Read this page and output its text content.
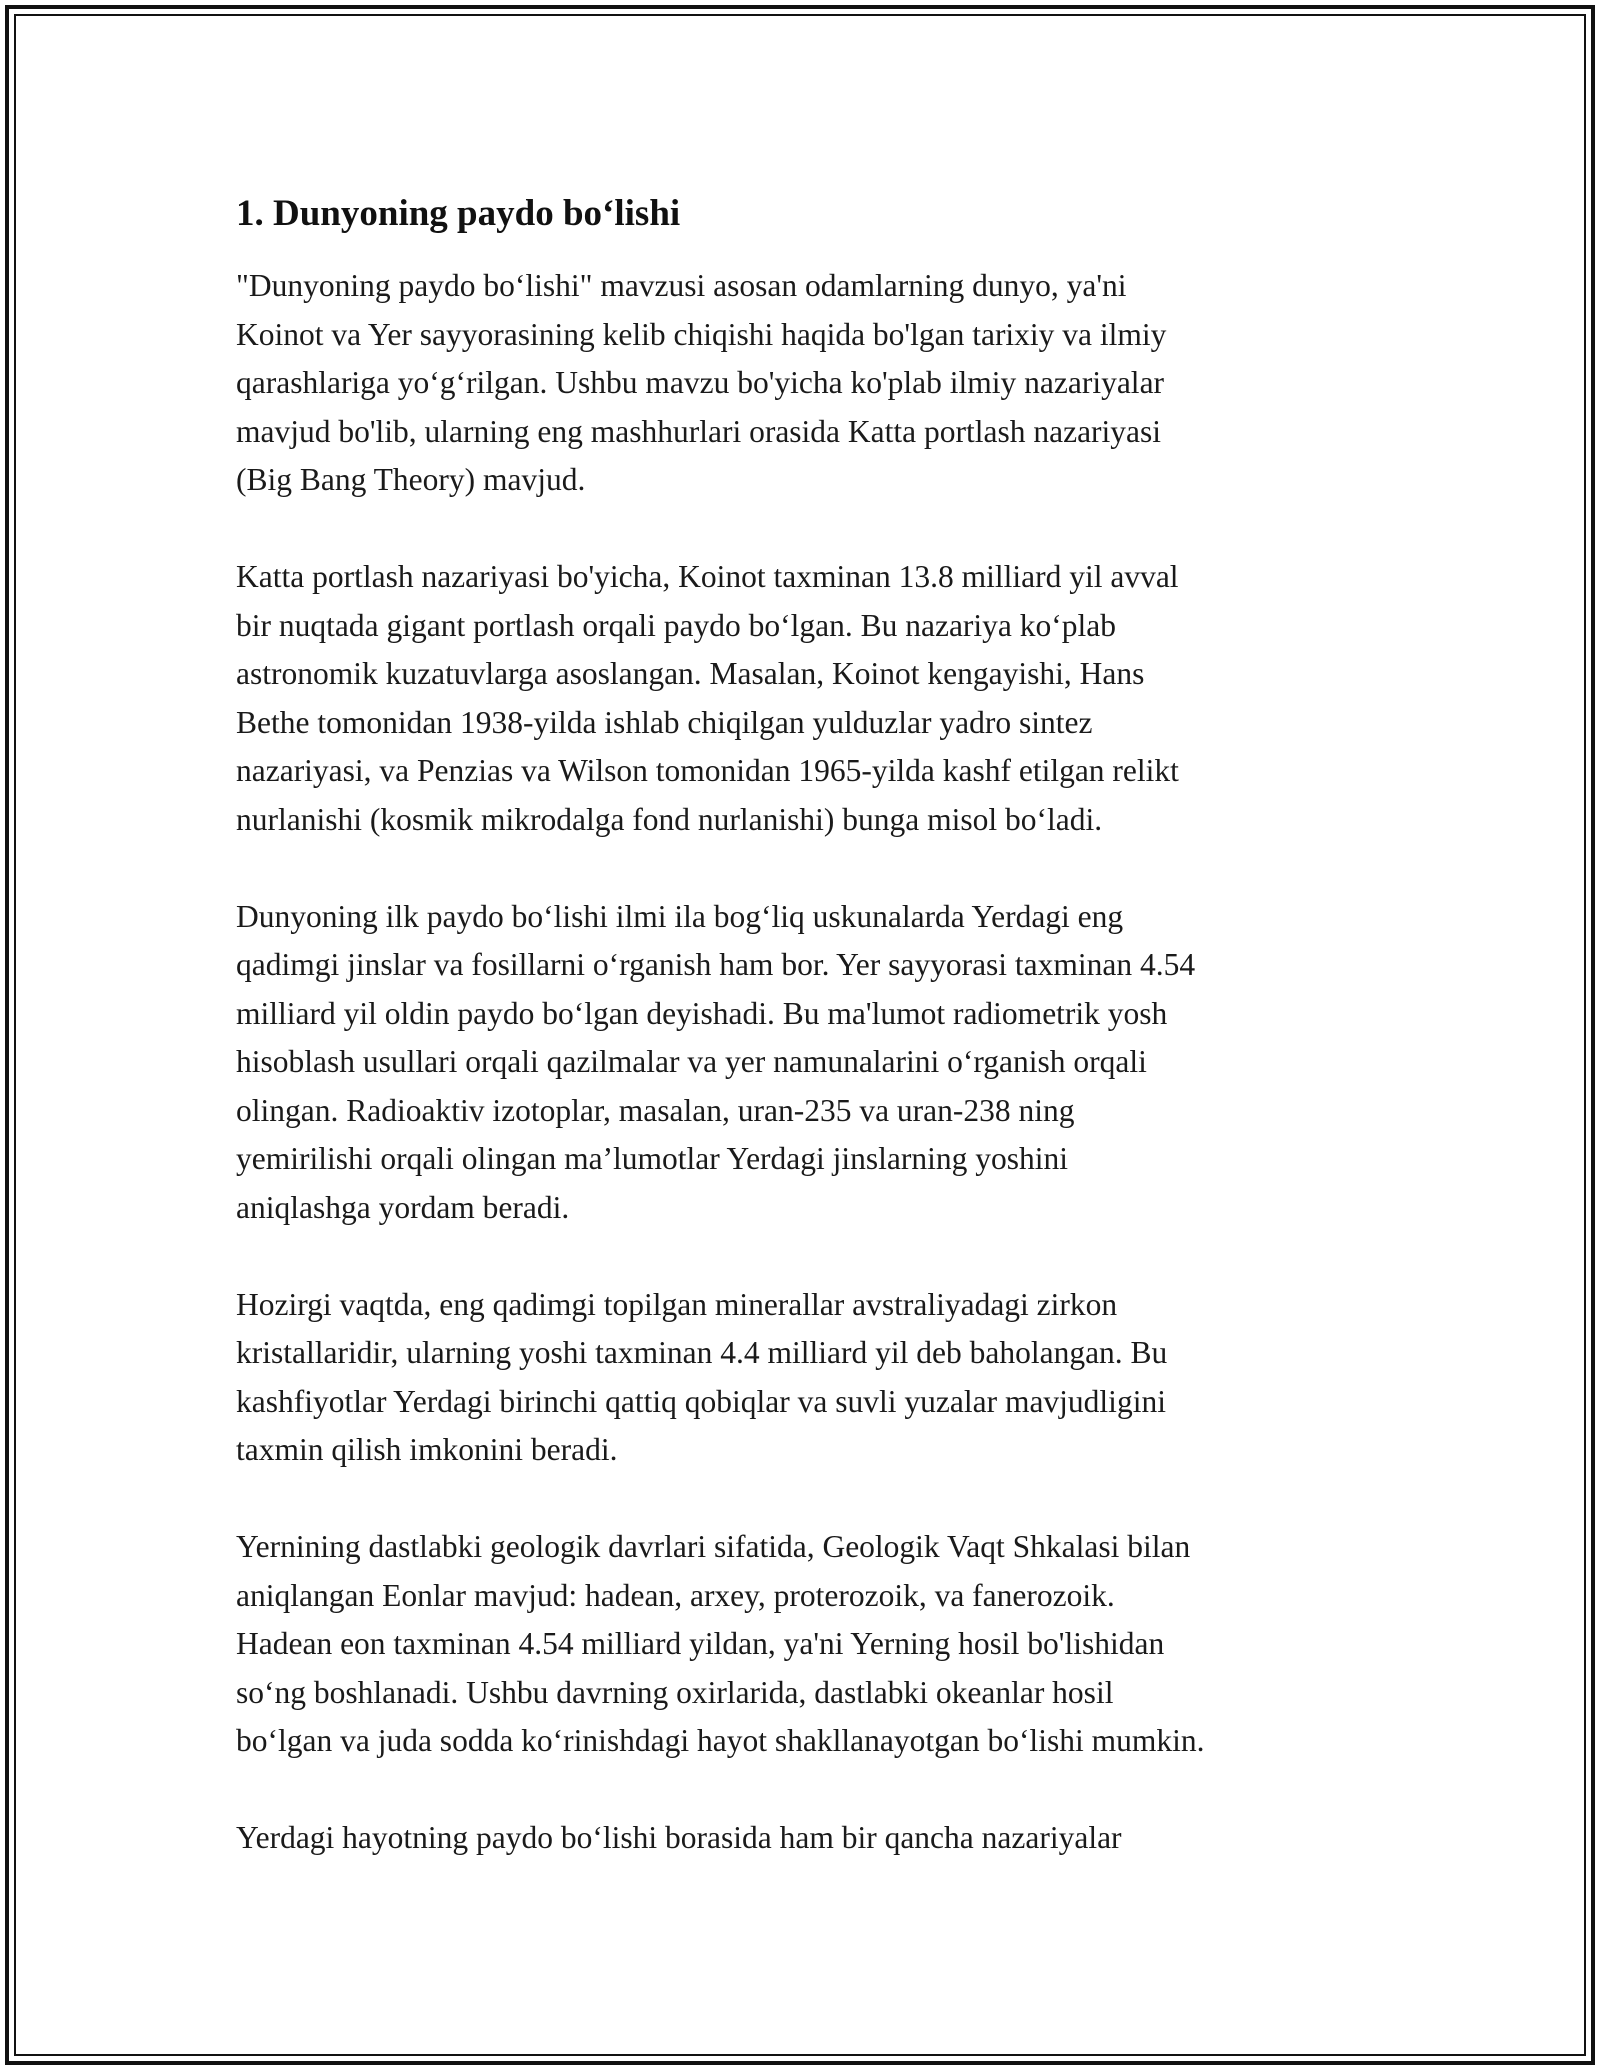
1. Dunyoning paydo bo‘lishi

"Dunyoning paydo bo‘lishi" mavzusi asosan odamlarning dunyo, ya'ni
Koinot va Yer sayyorasining kelib chiqishi haqida bo'lgan tarixiy va ilmiy
qarashlariga yo‘g‘rilgan. Ushbu mavzu bo'yicha ko'plab ilmiy nazariyalar
mavjud bo'lib, ularning eng mashhurlari orasida Katta portlash nazariyasi
(Big Bang Theory) mavjud.

Katta portlash nazariyasi bo'yicha, Koinot taxminan 13.8 milliard yil avval
bir nuqtada gigant portlash orqali paydo bo‘lgan. Bu nazariya ko‘plab
astronomik kuzatuvlarga asoslangan. Masalan, Koinot kengayishi, Hans
Bethe tomonidan 1938-yilda ishlab chiqilgan yulduzlar yadro sintez
nazariyasi, va Penzias va Wilson tomonidan 1965-yilda kashf etilgan relikt
nurlanishi (kosmik mikrodalga fond nurlanishi) bunga misol bo‘ladi.

Dunyoning ilk paydo bo‘lishi ilmi ila bog‘liq uskunalarda Yerdagi eng
qadimgi jinslar va fosillarni o‘rganish ham bor. Yer sayyorasi taxminan 4.54
milliard yil oldin paydo bo‘lgan deyishadi. Bu ma'lumot radiometrik yosh
hisoblash usullari orqali qazilmalar va yer namunalarini o‘rganish orqali
olingan. Radioaktiv izotoplar, masalan, uran-235 va uran-238 ning
yemirilishi orqali olingan ma’lumotlar Yerdagi jinslarning yoshini
aniqlashga yordam beradi.

Hozirgi vaqtda, eng qadimgi topilgan minerallar avstraliyadagi zirkon
kristallaridir, ularning yoshi taxminan 4.4 milliard yil deb baholangan. Bu
kashfiyotlar Yerdagi birinchi qattiq qobiqlar va suvli yuzalar mavjudligini
taxmin qilish imkonini beradi.

Yernining dastlabki geologik davrlari sifatida, Geologik Vaqt Shkalasi bilan
aniqlangan Eonlar mavjud: hadean, arxey, proterozoik, va fanerozoik.
Hadean eon taxminan 4.54 milliard yildan, ya'ni Yerning hosil bo'lishidan
so‘ng boshlanadi. Ushbu davrning oxirlarida, dastlabki okeanlar hosil
bo‘lgan va juda sodda ko‘rinishdagi hayot shakllanayotgan bo‘lishi mumkin.

Yerdagi hayotning paydo bo‘lishi borasida ham bir qancha nazariyalar
